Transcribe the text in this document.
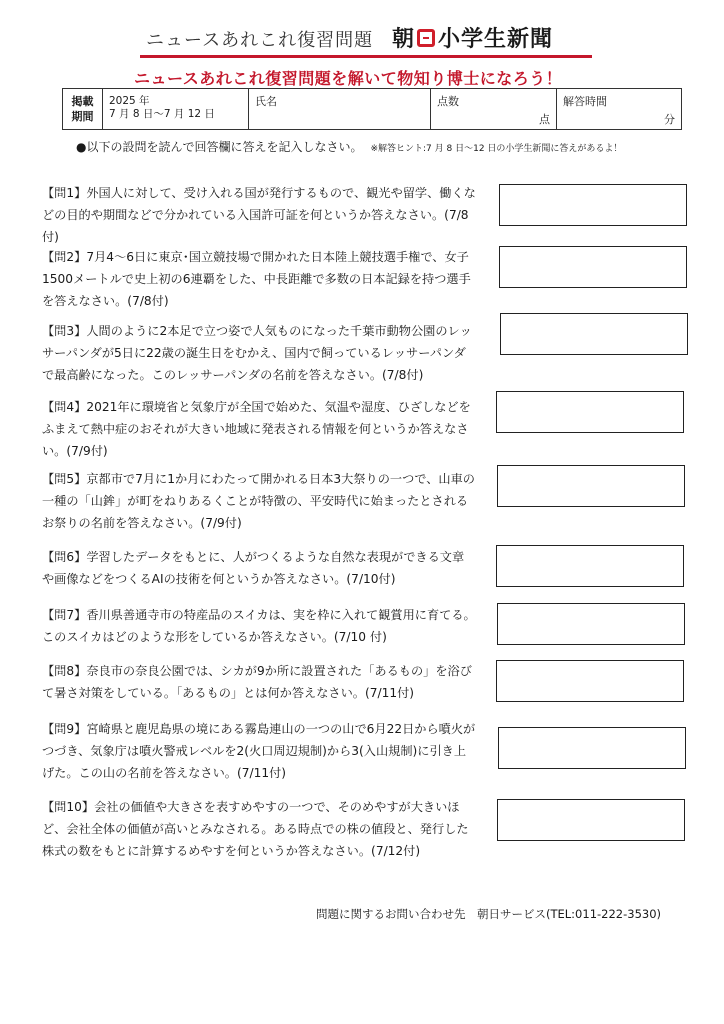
ニュースあれこれ復習問題 朝 小学生新聞
ニュースあれこれ復習問題を解いて物知り博士になろう！
掲載
期間
2025 年
7 月 8 日～7 月 12 日
氏名	点数
点
解答時間
分
●以下の設問を読んで回答欄に答えを記入しなさい。 ※解答ヒント:7 月 8 日～12 日の小学生新聞に答えがあるよ！
【問1】外国人に対して、受け入れる国が発行するもので、観光や留学、働くなどの目的や期間などで分かれている入国許可証を何というか答えなさい。(7/8付)
【問2】7月4～6日に東京･国立競技場で開かれた日本陸上競技選手権で、女子1500メートルで史上初の6連覇をした、中長距離で多数の日本記録を持つ選手を答えなさい。(7/8付)
【問3】人間のように2本足で立つ姿で人気ものになった千葉市動物公園のレッサーパンダが5日に22歳の誕生日をむかえ、国内で飼っているレッサーパンダで最高齢になった。このレッサーパンダの名前を答えなさい。(7/8付)
【問4】2021年に環境省と気象庁が全国で始めた、気温や湿度、ひざしなどをふまえて熱中症のおそれが大きい地域に発表される情報を何というか答えなさい。(7/9付)
【問5】京都市で7月に1か月にわたって開かれる日本3大祭りの一つで、山車の一種の「山鉾」が町をねりあるくことが特徴の、平安時代に始まったとされるお祭りの名前を答えなさい。(7/9付)
【問6】学習したデータをもとに、人がつくるような自然な表現ができる文章や画像などをつくるAIの技術を何というか答えなさい。(7/10付)
【問7】香川県善通寺市の特産品のスイカは、実を枠に入れて観賞用に育てる。このスイカはどのような形をしているか答えなさい。(7/10 付)
【問8】奈良市の奈良公園では、シカが9か所に設置された「あるもの」を浴びて暑さ対策をしている。「あるもの」とは何か答えなさい。(7/11付)
【問9】宮崎県と鹿児島県の境にある霧島連山の一つの山で6月22日から噴火がつづき、気象庁は噴火警戒レベルを2(火口周辺規制)から3(入山規制)に引き上げた。この山の名前を答えなさい。(7/11付)
【問10】会社の価値や大きさを表すめやすの一つで、そのめやすが大きいほど、会社全体の価値が高いとみなされる。ある時点での株の値段と、発行した株式の数をもとに計算するめやすを何というか答えなさい。(7/12付)
問題に関するお問い合わせ先　朝日サービス(TEL:011-222-3530)
